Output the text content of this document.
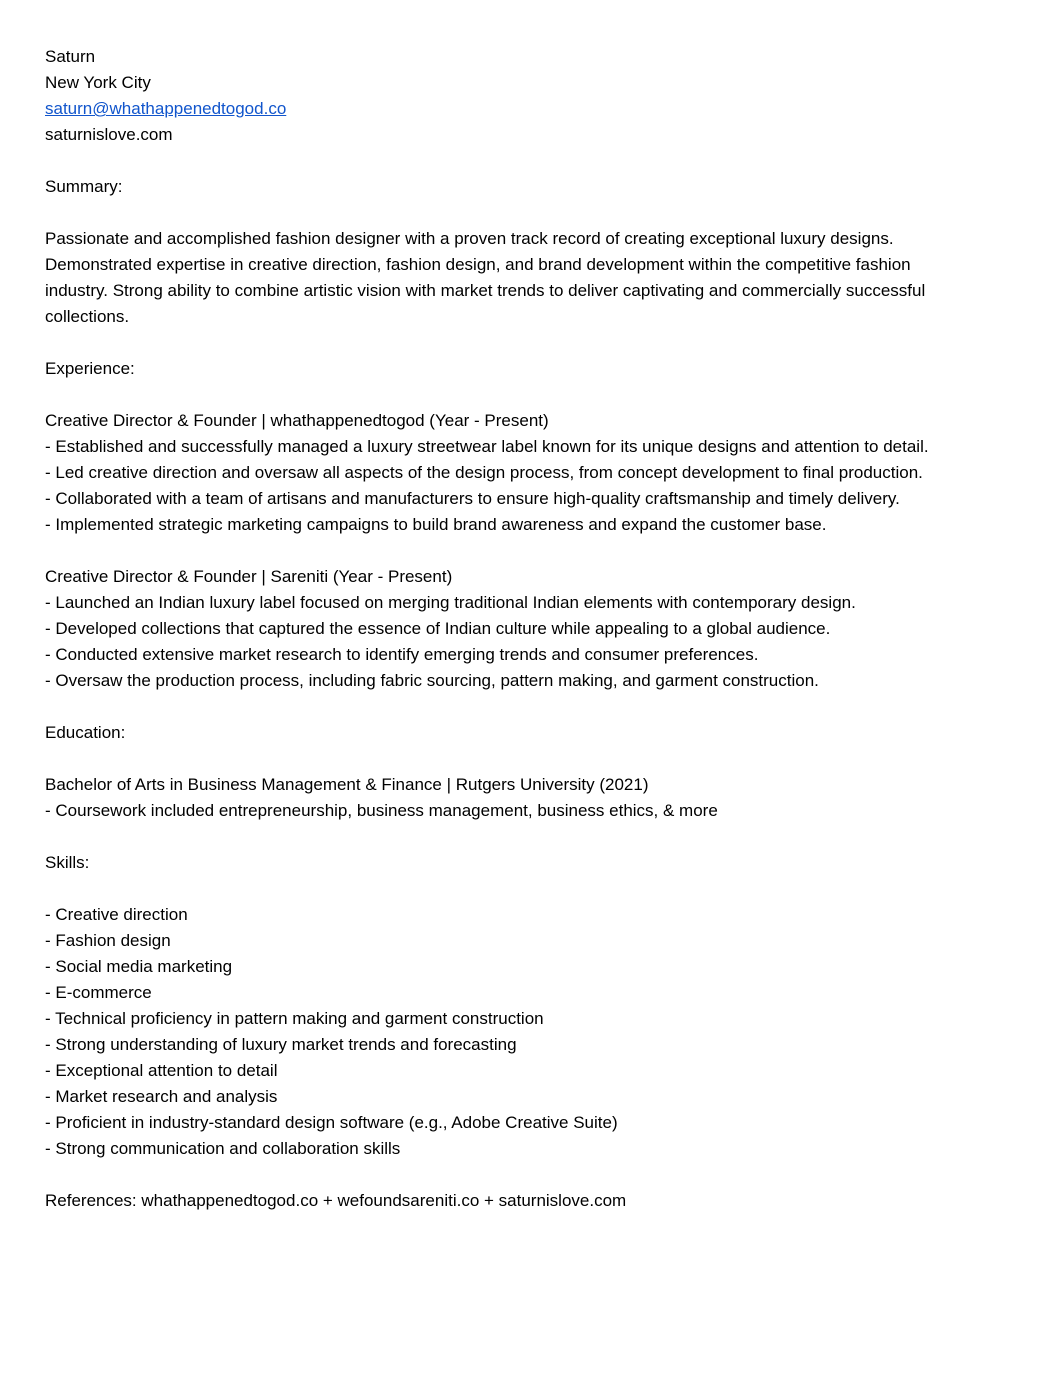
Saturn
New York City
saturn@whathappenedtogod.co
saturnislove.com
Summary:
Passionate and accomplished fashion designer with a proven track record of creating exceptional luxury designs. Demonstrated expertise in creative direction, fashion design, and brand development within the competitive fashion industry. Strong ability to combine artistic vision with market trends to deliver captivating and commercially successful collections.
Experience:
Creative Director & Founder | whathappenedtogod (Year - Present)
- Established and successfully managed a luxury streetwear label known for its unique designs and attention to detail.
- Led creative direction and oversaw all aspects of the design process, from concept development to final production.
- Collaborated with a team of artisans and manufacturers to ensure high-quality craftsmanship and timely delivery.
- Implemented strategic marketing campaigns to build brand awareness and expand the customer base.
Creative Director & Founder | Sareniti (Year - Present)
- Launched an Indian luxury label focused on merging traditional Indian elements with contemporary design.
- Developed collections that captured the essence of Indian culture while appealing to a global audience.
- Conducted extensive market research to identify emerging trends and consumer preferences.
- Oversaw the production process, including fabric sourcing, pattern making, and garment construction.
Education:
Bachelor of Arts in Business Management & Finance | Rutgers University (2021)
- Coursework included entrepreneurship, business management, business ethics, & more
Skills:
- Creative direction
- Fashion design
- Social media marketing
- E-commerce
- Technical proficiency in pattern making and garment construction
- Strong understanding of luxury market trends and forecasting
- Exceptional attention to detail
- Market research and analysis
- Proficient in industry-standard design software (e.g., Adobe Creative Suite)
- Strong communication and collaboration skills
References: whathappenedtogod.co + wefoundsareniti.co + saturnislove.com
